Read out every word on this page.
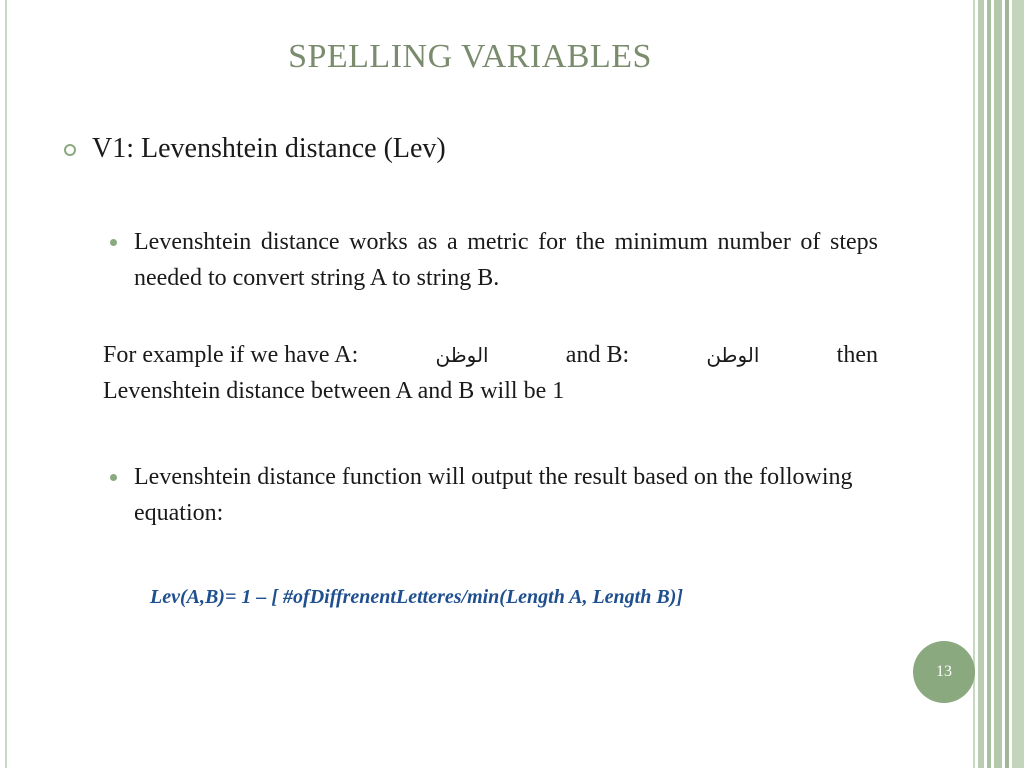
SPELLING VARIABLES
V1: Levenshtein distance (Lev)
Levenshtein distance works as a metric for the minimum number of steps needed to convert string A to string B.
For example if we have A:	الوظن	and B:	الوطن	then
Levenshtein distance between A and B will be 1
Levenshtein distance function will output the result based on the following equation:
Lev(A,B)= 1 – [ #ofDiffrenentLetteres/min(Length A, Length B)]
13
